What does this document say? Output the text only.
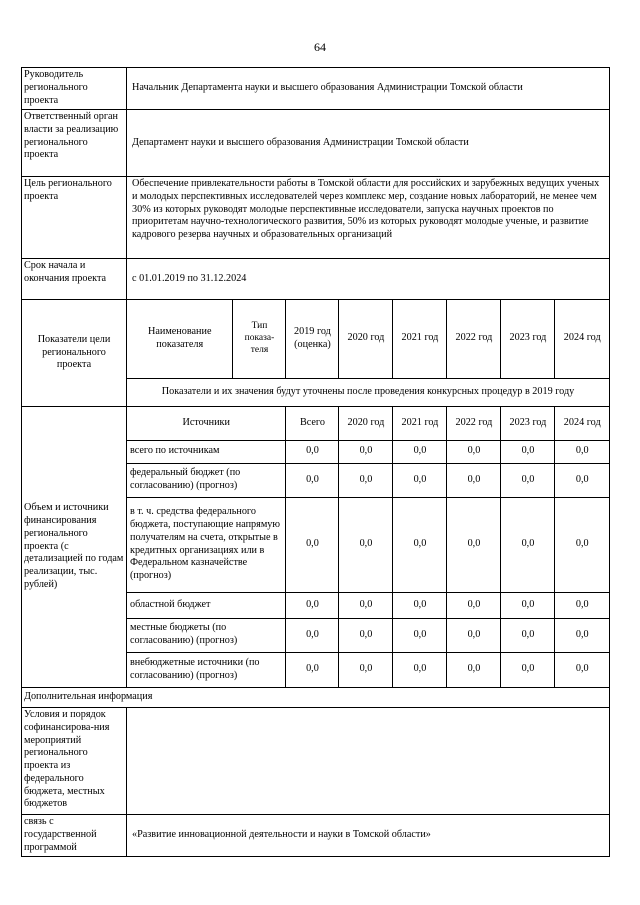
64
Руководитель регионального проекта	Начальник Департамента науки и высшего образования Администрации Томской области
Ответственный орган власти за реализацию регионального проекта	Департамент науки и высшего образования Администрации Томской области
Цель регионального проекта	Обеспечение привлекательности работы в Томской области для российских и зарубежных ведущих ученых и молодых перспективных исследователей через комплекс мер, создание новых лабораторий, не менее чем 30% из которых руководят молодые перспективные исследователи, запуска научных проектов по приоритетам научно-технологического развития, 50% из которых руководят молодые ученые, и развитие кадрового резерва научных и образовательных организаций
Срок начала и окончания проекта	с 01.01.2019 по 31.12.2024
Показатели цели регионального проекта	
Наименование показателя	Тип показа-теля	2019 год (оценка)	2020 год	2021 год	2022 год	2023 год	2024 год
Показатели и их значения будут уточнены после проведения конкурсных процедур в 2019 году

Объем и источники финансирования регионального проекта (с детализацией по годам реализации, тыс. рублей)	
Источники	Всего	2020 год	2021 год	2022 год	2023 год	2024 год
всего по источникам	0,0	0,0	0,0	0,0	0,0	0,0
федеральный бюджет (по согласованию) (прогноз)	0,0	0,0	0,0	0,0	0,0	0,0
в т. ч. средства федерального бюджета, поступающие напрямую получателям на счета, открытые в кредитных организациях или в Федеральном казначействе (прогноз)	0,0	0,0	0,0	0,0	0,0	0,0
областной бюджет	0,0	0,0	0,0	0,0	0,0	0,0
местные бюджеты (по согласованию) (прогноз)	0,0	0,0	0,0	0,0	0,0	0,0
внебюджетные источники (по согласованию) (прогноз)	0,0	0,0	0,0	0,0	0,0	0,0

Дополнительная информация
Условия и порядок софинансирова-ния мероприятий регионального проекта из федерального бюджета, местных бюджетов	
связь с государственной программой	«Развитие инновационной деятельности и науки в Томской области»
